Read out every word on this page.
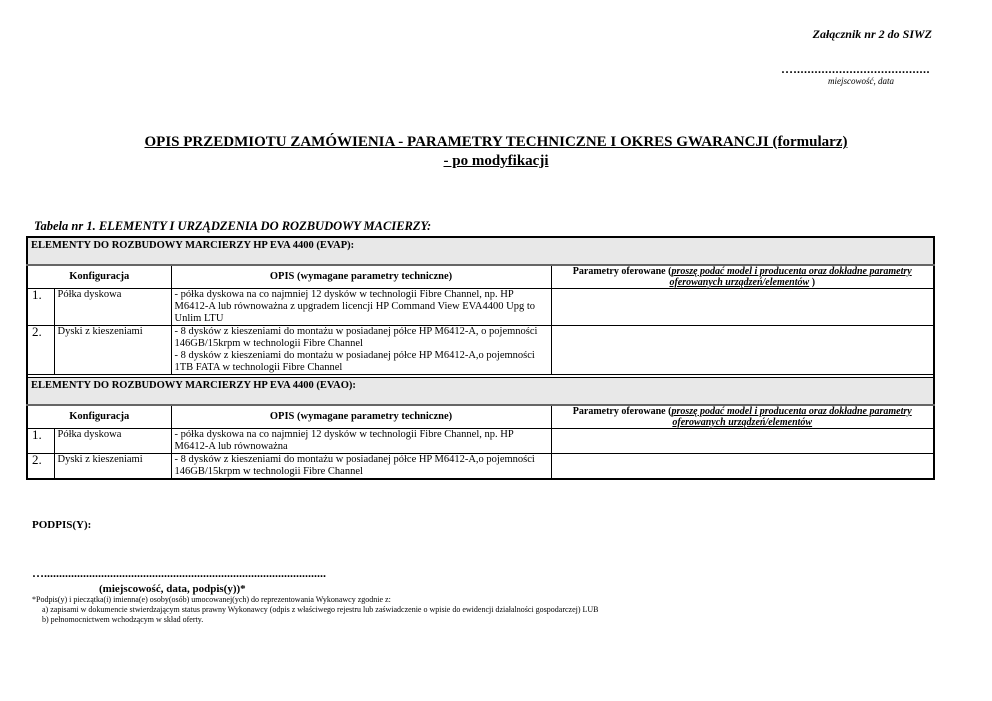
Załącznik nr 2 do SIWZ
….......................................
miejscowość, data
OPIS PRZEDMIOTU ZAMÓWIENIA - PARAMETRY TECHNICZNE I OKRES GWARANCJI (formularz)
- po modyfikacji
Tabela nr 1. ELEMENTY I URZĄDZENIA DO ROZBUDOWY MACIERZY:
ELEMENTY DO ROZBUDOWY MARCIERZY HP EVA 4400 (EVAP):			
Konfiguracja		OPIS (wymagane parametry techniczne)	Parametry oferowane (proszę podać model i producenta oraz dokładne parametry oferowanych urządzeń/elementów )
1.	Półka dyskowa	- półka dyskowa na co najmniej 12 dysków w technologii Fibre Channel, np. HP M6412-A lub równoważna z upgradem licencji HP Command View EVA4400 Upg to Unlim LTU	
2.	Dyski z kieszeniami	- 8 dysków z kieszeniami do montażu w posiadanej półce HP M6412-A, o pojemności 146GB/15krpm w technologii Fibre Channel
- 8 dysków z kieszeniami do montażu w posiadanej półce HP M6412-A,o pojemności 1TB FATA w technologii Fibre Channel	

ELEMENTY DO ROZBUDOWY MARCIERZY HP EVA 4400 (EVAO):			
Konfiguracja		OPIS (wymagane parametry techniczne)	Parametry oferowane (proszę podać model i producenta oraz dokładne parametry oferowanych urządzeń/elementów
1.	Półka dyskowa	- półka dyskowa na co najmniej 12 dysków w technologii Fibre Channel, np. HP M6412-A lub równoważna	
2.	Dyski z kieszeniami	- 8 dysków z kieszeniami do montażu w posiadanej półce HP M6412-A,o pojemności 146GB/15krpm w technologii Fibre Channel	
PODPIS(Y):
…..............................................................................................
(miejscowość, data, podpis(y))*
*Podpis(y) i pieczątka(i) imienna(e) osoby(osób) umocowanej(ych) do reprezentowania Wykonawcy zgodnie z:
a) zapisami w dokumencie stwierdzającym status prawny Wykonawcy (odpis z właściwego rejestru lub zaświadczenie o wpisie do ewidencji działalności gospodarczej) LUB
b) pełnomocnictwem wchodzącym w skład oferty.
